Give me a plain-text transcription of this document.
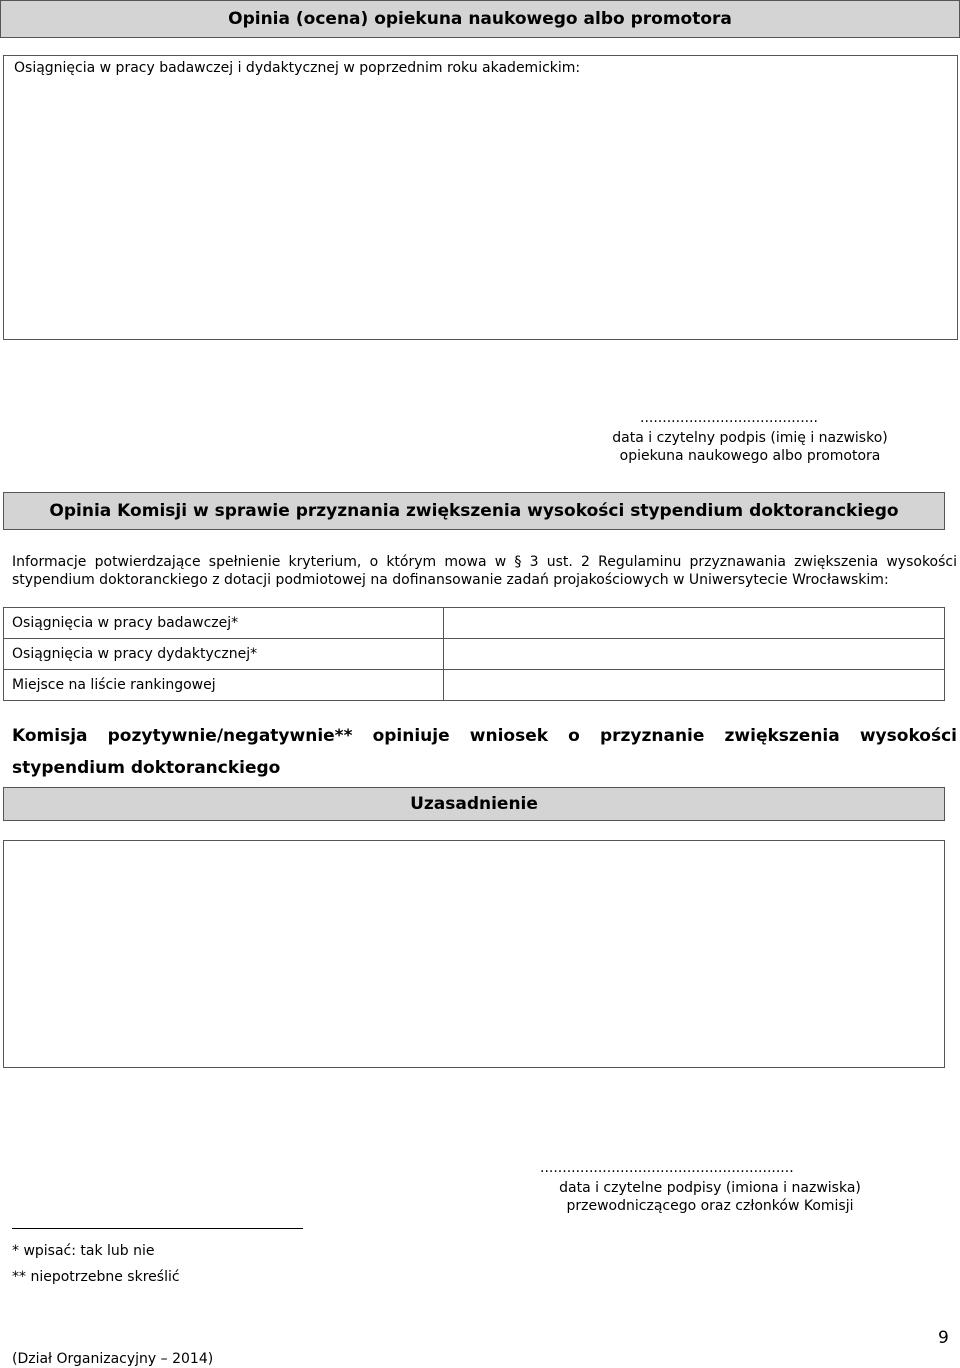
Opinia (ocena) opiekuna naukowego albo promotora
Osiągnięcia w pracy badawczej i dydaktycznej w poprzednim roku akademickim:
........................................
data i czytelny podpis (imię i nazwisko)
opiekuna naukowego albo promotora
Opinia Komisji w sprawie przyznania zwiększenia wysokości stypendium doktoranckiego
Informacje potwierdzające spełnienie kryterium, o którym mowa w § 3 ust. 2 Regulaminu przyznawania zwiększenia wysokości stypendium doktoranckiego z dotacji podmiotowej na dofinansowanie zadań projakościowych w Uniwersytecie Wrocławskim:
Osiągnięcia w pracy badawczej*
Osiągnięcia w pracy dydaktycznej*
Miejsce na liście rankingowej
Komisja pozytywnie/negatywnie** opiniuje wniosek o przyznanie zwiększenia wysokości stypendium doktoranckiego
Uzasadnienie
.........................................................
data i czytelne podpisy (imiona i nazwiska)
przewodniczącego oraz członków Komisji
* wpisać: tak lub nie
** niepotrzebne skreślić
(Dział Organizacyjny – 2014)
9
